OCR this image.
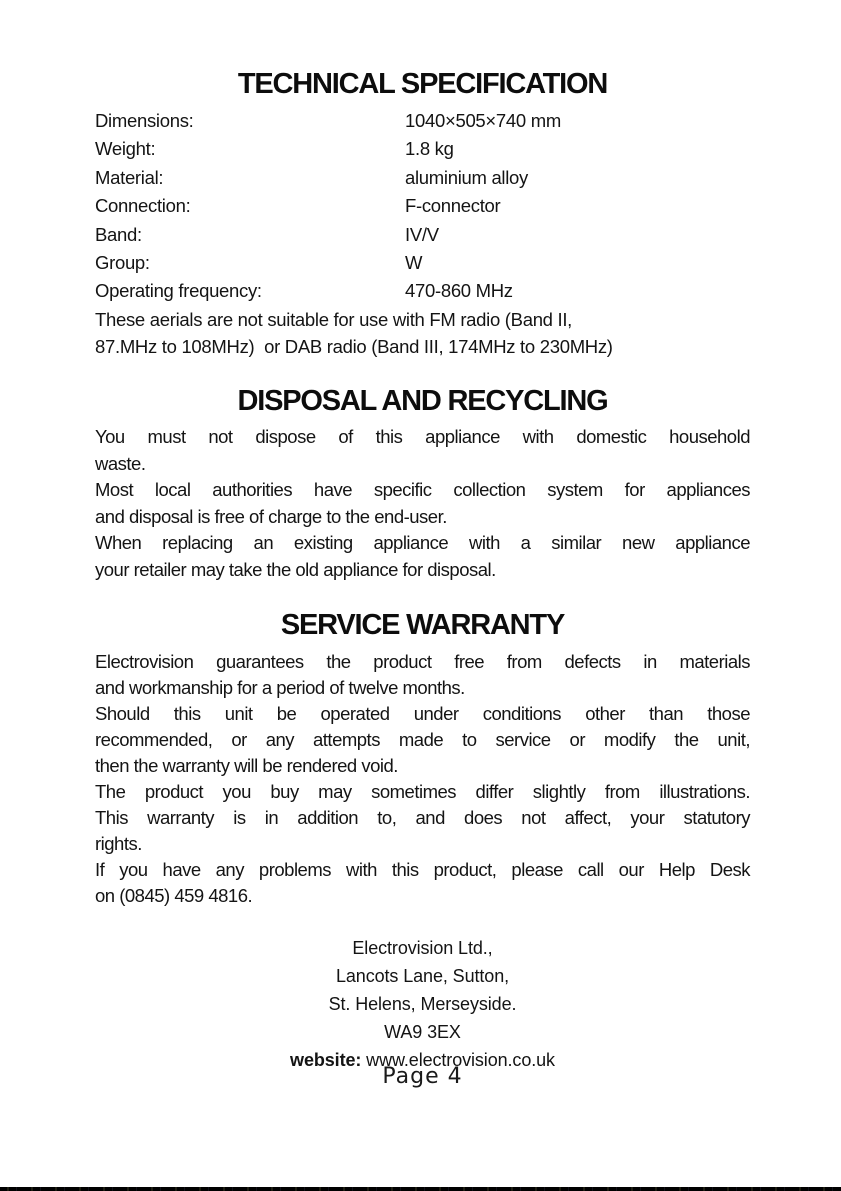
TECHNICAL SPECIFICATION
Dimensions:	1040×505×740 mm
Weight:	1.8 kg
Material:	aluminium alloy
Connection:	F-connector
Band:	IV/V
Group:	W
Operating frequency:	470-860 MHz
These aerials are not suitable for use with FM radio (Band II,
87.MHz to 108MHz)  or DAB radio (Band III, 174MHz to 230MHz)
DISPOSAL AND RECYCLING
You must not dispose of this appliance with domestic household
waste.
Most local authorities have specific collection system for appliances
and disposal is free of charge to the end-user.
When replacing an existing appliance with a similar new appliance
your retailer may take the old appliance for disposal.
SERVICE WARRANTY
Electrovision guarantees the product free from defects in materials
and workmanship for a period of twelve months.
Should this unit be operated under conditions other than those
recommended, or any attempts made to service or modify the unit,
then the warranty will be rendered void.
The product you buy may sometimes differ slightly from illustrations.
This warranty is in addition to, and does not affect, your statutory
rights.
If you have any problems with this product, please call our Help Desk
on (0845) 459 4816.
Electrovision Ltd.,
Lancots Lane, Sutton,
St. Helens, Merseyside.
WA9 3EX
website: www.electrovision.co.uk
Page 4
